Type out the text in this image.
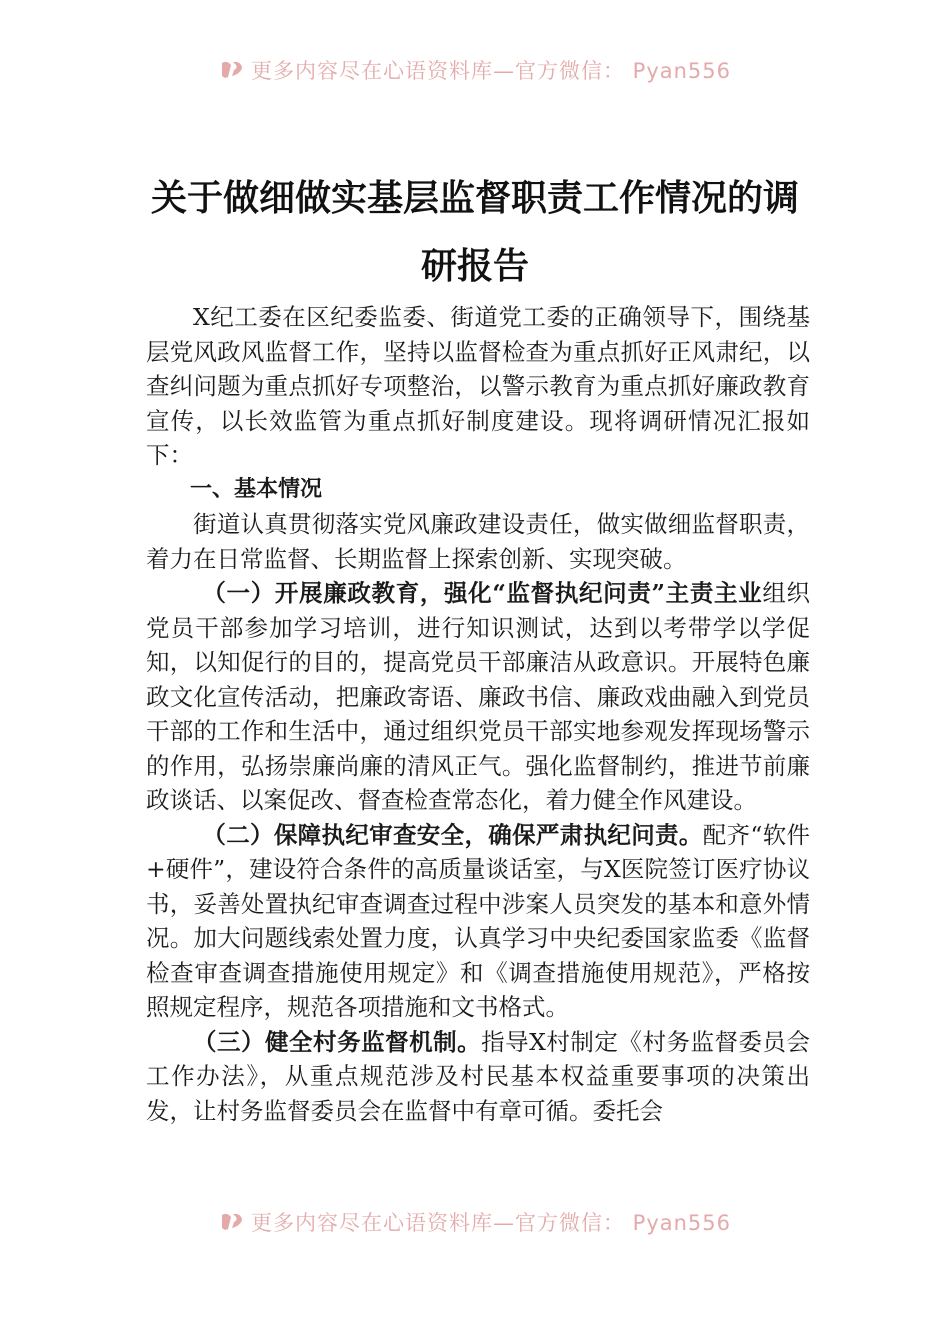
更多内容尽在心语资料库—官方微信： Pyan556
关于做细做实基层监督职责工作情况的调
研报告

X纪工委在区纪委监委、街道党工委的正确领导下，围绕基层党风政风监督工作，坚持以监督检查为重点抓好正风肃纪，以查纠问题为重点抓好专项整治，以警示教育为重点抓好廉政教育宣传，以长效监管为重点抓好制度建设。现将调研情况汇报如下：

一、基本情况

街道认真贯彻落实党风廉政建设责任，做实做细监督职责，着力在日常监督、长期监督上探索创新、实现突破。

（一）开展廉政教育，强化“监督执纪问责”主责主业组织党员干部参加学习培训，进行知识测试，达到以考带学以学促知，以知促行的目的，提高党员干部廉洁从政意识。开展特色廉政文化宣传活动，把廉政寄语、廉政书信、廉政戏曲融入到党员干部的工作和生活中，通过组织党员干部实地参观发挥现场警示的作用，弘扬崇廉尚廉的清风正气。强化监督制约，推进节前廉政谈话、以案促改、督查检查常态化，着力健全作风建设。

（二）保障执纪审查安全，确保严肃执纪问责。配齐“软件+硬件”，建设符合条件的高质量谈话室，与X医院签订医疗协议书，妥善处置执纪审查调查过程中涉案人员突发的基本和意外情况。加大问题线索处置力度，认真学习中央纪委国家监委《监督检查审查调查措施使用规定》和《调查措施使用规范》，严格按照规定程序，规范各项措施和文书格式。

（三）健全村务监督机制。指导X村制定《村务监督委员会工作办法》，从重点规范涉及村民基本权益重要事项的决策出发，让村务监督委员会在监督中有章可循。委托会

更多内容尽在心语资料库—官方微信： Pyan556
